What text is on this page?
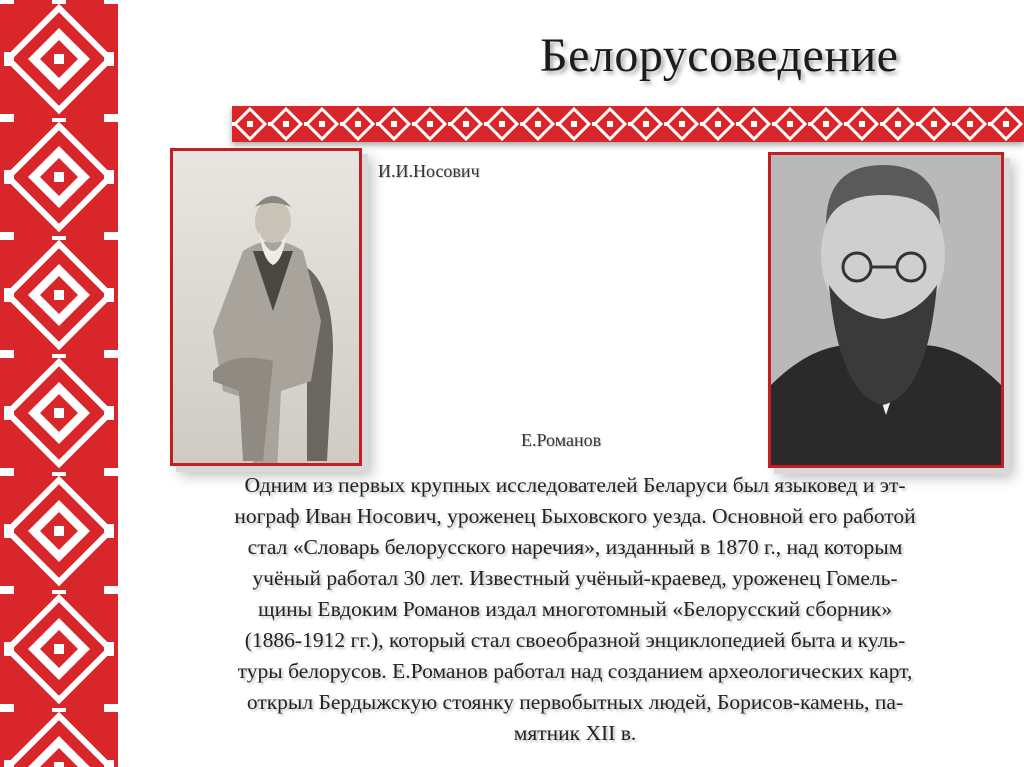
Белорусоведение
И.И.Носович
Е.Романов
Одним из первых крупных исследователей Беларуси был языковед и эт-
нограф Иван Носович, уроженец Быховского уезда. Основной его работой
стал «Словарь белорусского наречия», изданный в 1870 г., над которым
учёный работал 30 лет. Известный учёный-краевед, уроженец Гомель-
щины Евдоким Романов издал многотомный «Белорусский сборник»
(1886-1912 гг.), который стал своеобразной энциклопедией быта и куль-
туры белорусов. Е.Романов работал над созданием археологических карт,
открыл Бердыжскую стоянку первобытных людей, Борисов-камень, па-
мятник XII в.
